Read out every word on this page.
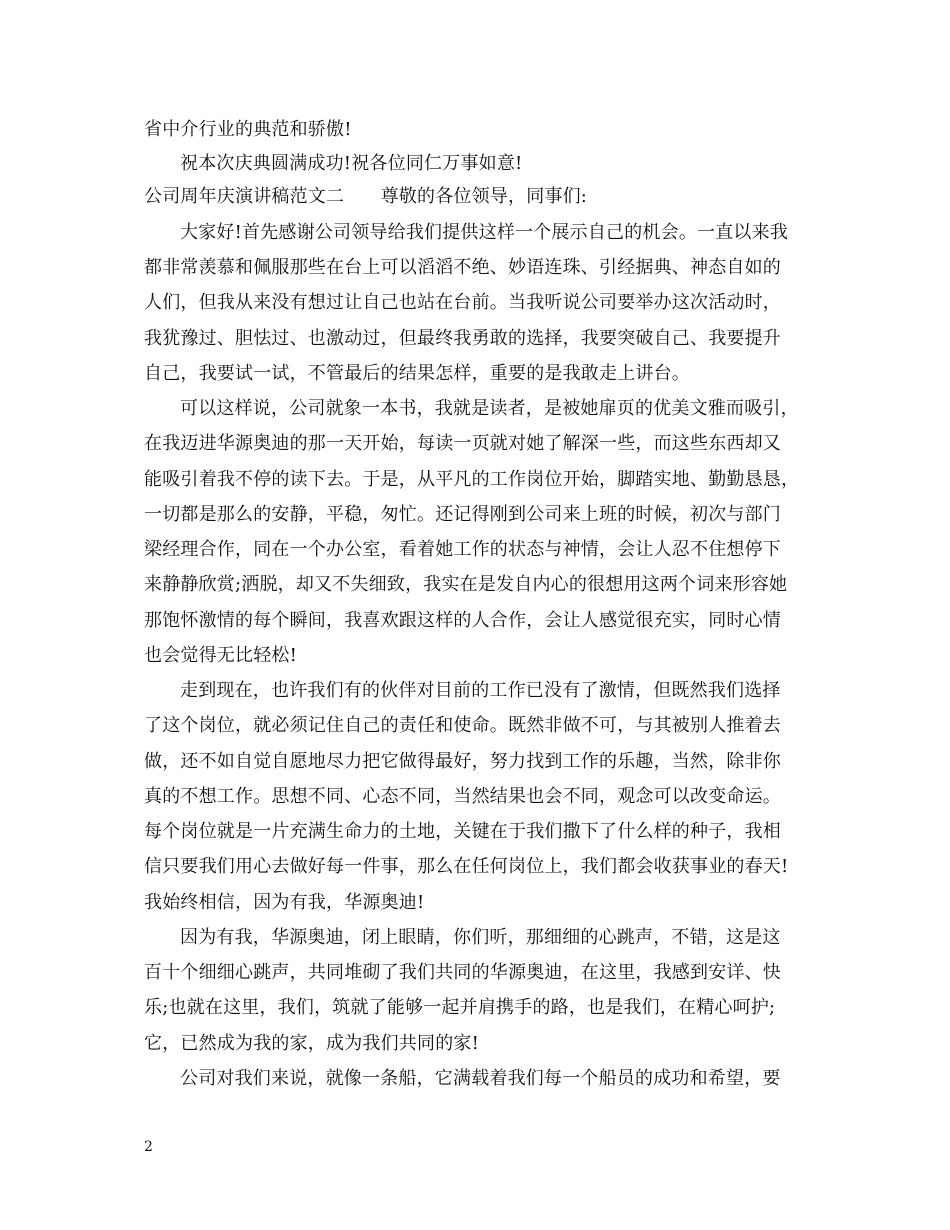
省中介行业的典范和骄傲!
祝本次庆典圆满成功!祝各位同仁万事如意!
公司周年庆演讲稿范文二　　尊敬的各位领导，同事们:
大家好!首先感谢公司领导给我们提供这样一个展示自己的机会。一直以来我
都非常羡慕和佩服那些在台上可以滔滔不绝、妙语连珠、引经据典、神态自如的
人们，但我从来没有想过让自己也站在台前。当我听说公司要举办这次活动时，
我犹豫过、胆怯过、也激动过，但最终我勇敢的选择，我要突破自己、我要提升
自己，我要试一试，不管最后的结果怎样，重要的是我敢走上讲台。
可以这样说，公司就象一本书，我就是读者，是被她扉页的优美文雅而吸引，
在我迈进华源奥迪的那一天开始，每读一页就对她了解深一些，而这些东西却又
能吸引着我不停的读下去。于是，从平凡的工作岗位开始，脚踏实地、勤勤恳恳，
一切都是那么的安静，平稳，匆忙。还记得刚到公司来上班的时候，初次与部门
梁经理合作，同在一个办公室，看着她工作的状态与神情，会让人忍不住想停下
来静静欣赏;洒脱，却又不失细致，我实在是发自内心的很想用这两个词来形容她
那饱怀激情的每个瞬间，我喜欢跟这样的人合作，会让人感觉很充实，同时心情
也会觉得无比轻松!
走到现在，也许我们有的伙伴对目前的工作已没有了激情，但既然我们选择
了这个岗位，就必须记住自己的责任和使命。既然非做不可，与其被别人推着去
做，还不如自觉自愿地尽力把它做得最好，努力找到工作的乐趣，当然，除非你
真的不想工作。思想不同、心态不同，当然结果也会不同，观念可以改变命运。
每个岗位就是一片充满生命力的土地，关键在于我们撒下了什么样的种子，我相
信只要我们用心去做好每一件事，那么在任何岗位上，我们都会收获事业的春天!
我始终相信，因为有我，华源奥迪!
因为有我，华源奥迪，闭上眼睛，你们听，那细细的心跳声，不错，这是这
百十个细细心跳声，共同堆砌了我们共同的华源奥迪，在这里，我感到安详、快
乐;也就在这里，我们，筑就了能够一起并肩携手的路，也是我们，在精心呵护;
它，已然成为我的家，成为我们共同的家!
公司对我们来说，就像一条船，它满载着我们每一个船员的成功和希望，要
2
